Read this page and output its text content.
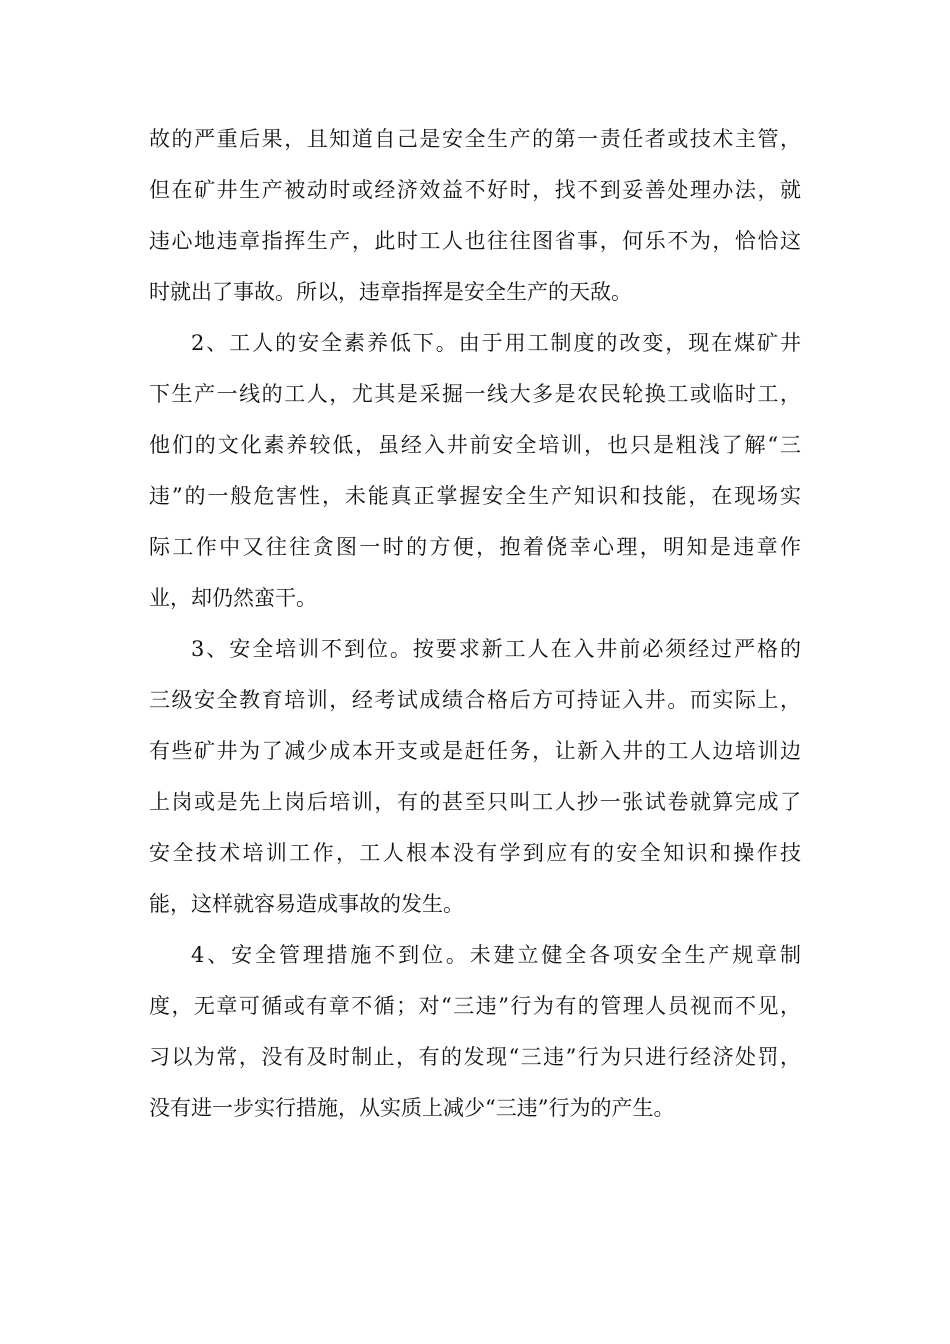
故的严重后果，且知道自己是安全生产的第一责任者或技术主管，
但在矿井生产被动时或经济效益不好时，找不到妥善处理办法，就
违心地违章指挥生产，此时工人也往往图省事，何乐不为，恰恰这
时就出了事故。所以，违章指挥是安全生产的天敌。
2、工人的安全素养低下。由于用工制度的改变，现在煤矿井
下生产一线的工人，尤其是采掘一线大多是农民轮换工或临时工，
他们的文化素养较低，虽经入井前安全培训，也只是粗浅了解“三
违”的一般危害性，未能真正掌握安全生产知识和技能，在现场实
际工作中又往往贪图一时的方便，抱着侥幸心理，明知是违章作
业，却仍然蛮干。
3、安全培训不到位。按要求新工人在入井前必须经过严格的
三级安全教育培训，经考试成绩合格后方可持证入井。而实际上，
有些矿井为了减少成本开支或是赶任务，让新入井的工人边培训边
上岗或是先上岗后培训，有的甚至只叫工人抄一张试卷就算完成了
安全技术培训工作，工人根本没有学到应有的安全知识和操作技
能，这样就容易造成事故的发生。
4、安全管理措施不到位。未建立健全各项安全生产规章制
度，无章可循或有章不循；对“三违”行为有的管理人员视而不见，
习以为常，没有及时制止，有的发现“三违”行为只进行经济处罚，
没有进一步实行措施，从实质上减少“三违”行为的产生。
